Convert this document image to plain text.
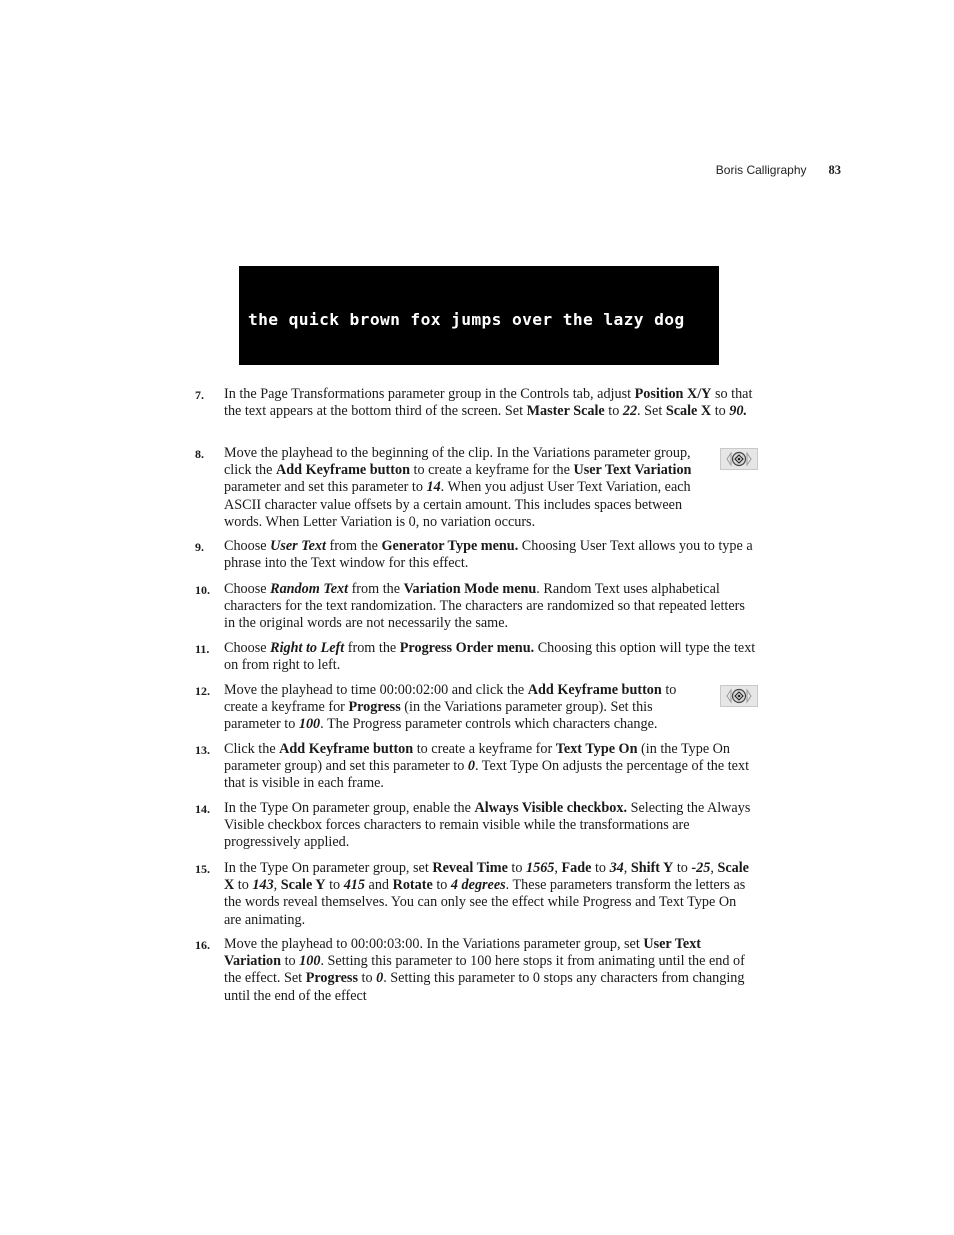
Boris Calligraphy 83
the quick brown fox jumps over the lazy dog
7.	In the Page Transformations parameter group in the Controls tab, adjust Position X/Y so that the text appears at the bottom third of the screen. Set Master Scale to 22. Set Scale X to 90.
8.	Move the playhead to the beginning of the clip. In the Variations parameter group, click the Add Keyframe button to create a keyframe for the User Text Variation parameter and set this parameter to 14. When you adjust User Text Variation, each ASCII character value offsets by a certain amount. This includes spaces between words. When Letter Variation is 0, no variation occurs.
9.	Choose User Text from the Generator Type menu. Choosing User Text allows you to type a phrase into the Text window for this effect.
10. Choose Random Text from the Variation Mode menu. Random Text uses alphabetical characters for the text randomization. The characters are randomized so that repeated letters in the original words are not necessarily the same.
11.	Choose Right to Left from the Progress Order menu. Choosing this option will type the text on from right to left.
12. Move the playhead to time 00:00:02:00 and click the Add Keyframe button to create a keyframe for Progress (in the Variations parameter group). Set this parameter to 100. The Progress parameter controls which characters change.
13. Click the Add Keyframe button to create a keyframe for Text Type On (in the Type On parameter group) and set this parameter to 0. Text Type On adjusts the percentage of the text that is visible in each frame.
14. In the Type On parameter group, enable the Always Visible checkbox. Selecting the Always Visible checkbox forces characters to remain visible while the transformations are progressively applied.
15. In the Type On parameter group, set Reveal Time to 1565, Fade to 34, Shift Y to -25, Scale X to 143, Scale Y to 415 and Rotate to 4 degrees. These parameters transform the letters as the words reveal themselves. You can only see the effect while Progress and Text Type On are animating.
16. Move the playhead to 00:00:03:00. In the Variations parameter group, set User Text Variation to 100. Setting this parameter to 100 here stops it from animating until the end of the effect. Set Progress to 0. Setting this parameter to 0 stops any characters from changing until the end of the effect
